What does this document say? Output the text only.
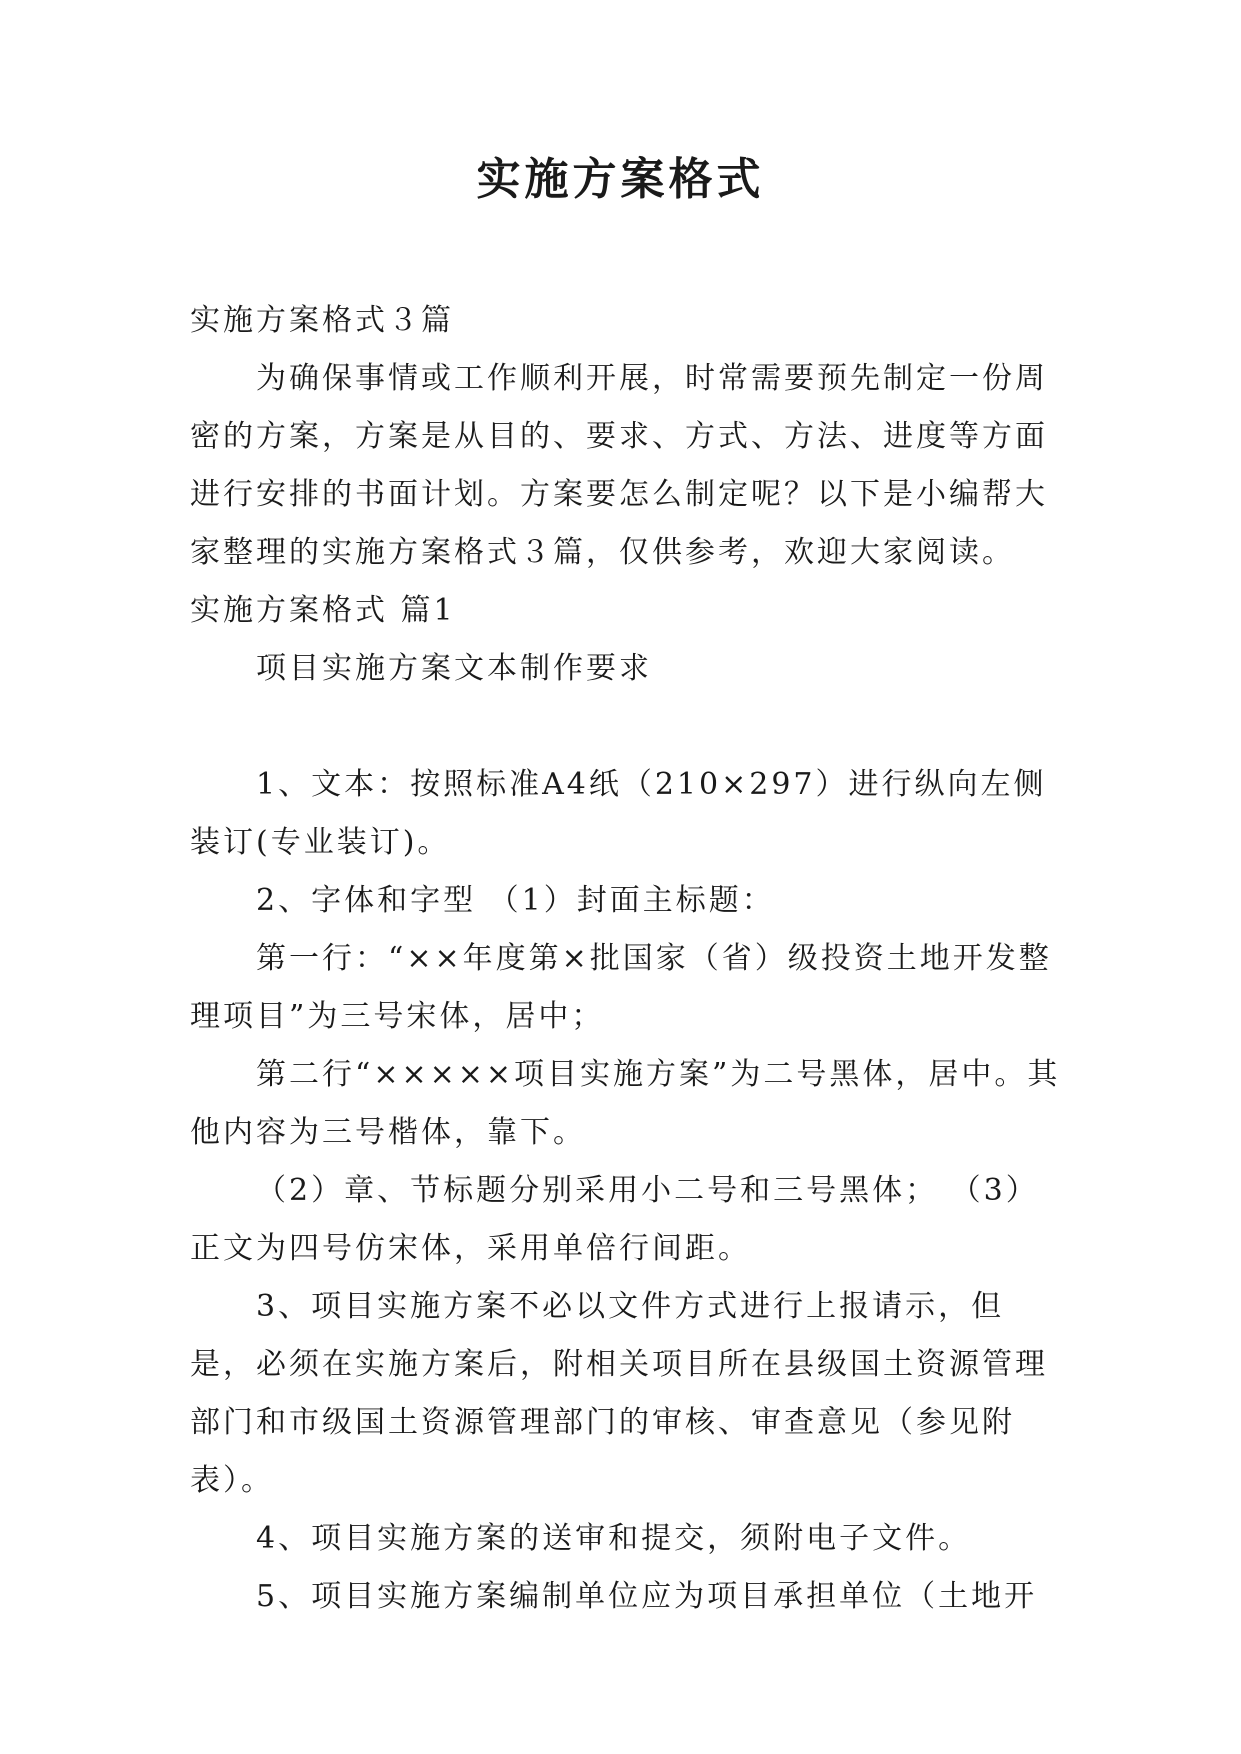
实施方案格式

实施方案格式３篇

为确保事情或工作顺利开展，时常需要预先制定一份周密的方案，方案是从目的、要求、方式、方法、进度等方面进行安排的书面计划。方案要怎么制定呢？以下是小编帮大家整理的实施方案格式３篇，仅供参考，欢迎大家阅读。

实施方案格式 篇1

项目实施方案文本制作要求

1、文本：按照标准A4纸（210×297）进行纵向左侧装订(专业装订)。

2、字体和字型 （1）封面主标题：

第一行：“××年度第×批国家（省）级投资土地开发整理项目”为三号宋体，居中；

第二行“×××××项目实施方案”为二号黑体，居中。其他内容为三号楷体，靠下。

（2）章、节标题分别采用小二号和三号黑体； （3）正文为四号仿宋体，采用单倍行间距。

3、项目实施方案不必以文件方式进行上报请示，但是，必须在实施方案后，附相关项目所在县级国土资源管理部门和市级国土资源管理部门的审核、审查意见（参见附表）。

4、项目实施方案的送审和提交，须附电子文件。

5、项目实施方案编制单位应为项目承担单位（土地开
